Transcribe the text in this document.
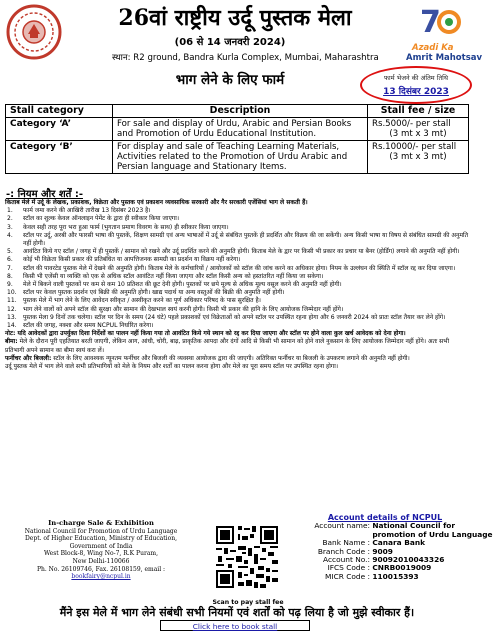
7
Azadi Ka
Amrit Mahotsav
26वां राष्ट्रीय उर्दू पुस्तक मेला
(06 से 14 जनवरी 2024)
स्थान: R2 ground, Bandra Kurla Complex, Mumbai, Maharashtra
भाग लेने के लिए फार्म	फार्म भेजने की अंतिम तिथि
13 दिसंबर 2023
Stall category	Description	Stall fee / size
Category ‘A’	For sale and display of Urdu, Arabic and Persian Books and Promotion of Urdu Educational Institution.	Rs.5000/- per stall
(3 mt x 3 mt)

Category ‘B’	For display and sale of Teaching Learning Materials, Activities related to the Promotion of Urdu Arabic and Persian language and Stationary Items.	Rs.10000/- per stall
(3 mt x 3 mt)
-: नियम और शर्तें :-
किताब मेले में उर्दू के लेखक, प्रकाशक, विक्रेता और पुस्तक एवं प्रकाशन व्यवसायिक सरकारी और गैर सरकारी एजेंसियां भाग ले सकती हैं।
1. फार्म जमा करने की आखिरी तारीख 13 दिसंबर 2023 है।
2. स्टॉल का शुल्क केवल ऑनलाइन पेमेंट के द्वारा ही स्वीकार किया जाएगा।
3. केवल सही तरह पूरा भरा हुआ फार्म (भुगतान प्रमाण विवरण के साथ) ही स्वीकार किया जाएगा।
4. स्टॉल पर उर्दू, अरबी और फारसी भाषा की पुस्तकें, शिक्षण सामग्री एवं अन्य भाषाओं में उर्दू से संबंधित पुस्तकें ही प्रदर्शित और विक्रय की जा सकेंगी। अन्य किसी भाषा या विषय से संबंधित सामग्री की अनुमति नहीं होगी।
5. आवंटित किये गए स्टॉल / जगह में ही पुस्तकें / सामान को रखने और उर्दू प्रदर्शित करने की अनुमति होगी। किताब मेले के द्वार पर किसी भी प्रकार का प्रचार या बैनर (होर्डिंग) लगाने की अनुमति नहीं होगी।
6. कोई भी विक्रेता किसी प्रकार की प्रतिबंधित या आपत्तिजनक सामग्री का प्रदर्शन या विक्रय नहीं करेगा।
7. स्टॉल की पावरटेड पुस्तक मेले में देखने की अनुमति होगी। किताब मेले के कर्मचारियों / आयोजकों को स्टॉल की जांच करने का अधिकार होगा। नियम के उल्लंघन की स्थिति में स्टॉल रद्द कर दिया जाएगा।
8. किसी भी एजेंसी या व्यक्ति को एक से अधिक स्टॉल आवंटित नहीं किया जाएगा और स्टॉल किसी अन्य को हस्तांतरित नहीं किया जा सकेगा।
9. मेले में बिकने वाली पुस्तकों पर कम से कम 10 प्रतिशत की छूट देनी होगी। पुस्तकों पर छपे मूल्य से अधिक मूल्य वसूल करने की अनुमति नहीं होगी।
10. स्टॉल पर केवल पुस्तक प्रदर्शन एवं बिक्री की अनुमति होगी। खाद्य पदार्थ या अन्य वस्तुओं की बिक्री की अनुमति नहीं होगी।
11. पुस्तक मेले में भाग लेने के लिए आवेदन स्वीकृत / अस्वीकृत करने का पूर्ण अधिकार परिषद के पास सुरक्षित है।
12. भाग लेने वालों को अपने स्टॉल की सुरक्षा और सामान की देखभाल स्वयं करनी होगी। किसी भी प्रकार की हानि के लिए आयोजक जिम्मेदार नहीं होंगे।
13. पुस्तक मेला 9 दिनों तक चलेगा। स्टॉल पर दिन के समय (24 घंटे) पहले प्रकाशकों एवं विक्रेताओं को अपने स्टॉल पर उपस्थित रहना होगा और 6 जनवरी 2024 को प्रातः स्टॉल तैयार कर लेने होंगे।
14. स्टॉल की जगह, नक्शा और समय NCPUL निर्धारित करेगा।
नोट: यदि आवेदकों द्वारा उपर्युक्त दिशा निर्देशों का पालन नहीं किया गया तो आवंटित किये गये स्थान को रद्द कर दिया जाएगा और स्टॉल पर होने वाला कुल खर्च आवेदक को देना होगा।
बीमा: मेले के दौरान पूरी एहतियात बरती जाएगी, लेकिन आग, आंधी, चोरी, बाढ़, प्राकृतिक आपदा और दंगों आदि से किसी भी सामान को होने वाले नुकसान के लिए आयोजक जिम्मेदार नहीं होंगे। अतः सभी प्रतिभागी अपने सामान का बीमा स्वयं करा लें।
फर्नीचर और बिजली: स्टॉल के लिए आवश्यक न्यूनतम फर्नीचर और बिजली की व्यवस्था आयोजक द्वारा की जाएगी। अतिरिक्त फर्नीचर या बिजली के उपकरण लगाने की अनुमति नहीं होगी।
उर्दू पुस्तक मेले में भाग लेने वाले सभी प्रतिभागियों को मेले के नियम और शर्तों का पालन करना होगा और मेले का पूरा समय स्टॉल पर उपस्थित रहना होगा।
In-charge Sale & Exhibition
National Council for Promotion of Urdu Language
Dept. of Higher Education, Ministry of Education,
Government of India
West Block-8, Wing No-7, R.K Puram,
New Delhi-110066
Ph. No. 26109746, Fax. 26108159, email :
bookfairy@ncpul.in
Scan to pay stall fee
Account details of NCPUL
Account name: National Council for
promotion of Urdu Language
Bank Name : Canara Bank
Branch Code : 9009
Account No.: 90092010043326
IFCS Code : CNRB0019009
MICR Code : 110015393
मैंने इस मेले में भाग लेने संबंधी सभी नियमों एवं शर्तों को पढ़ लिया है जो मुझे स्वीकार हैं।
Click here to book stall
